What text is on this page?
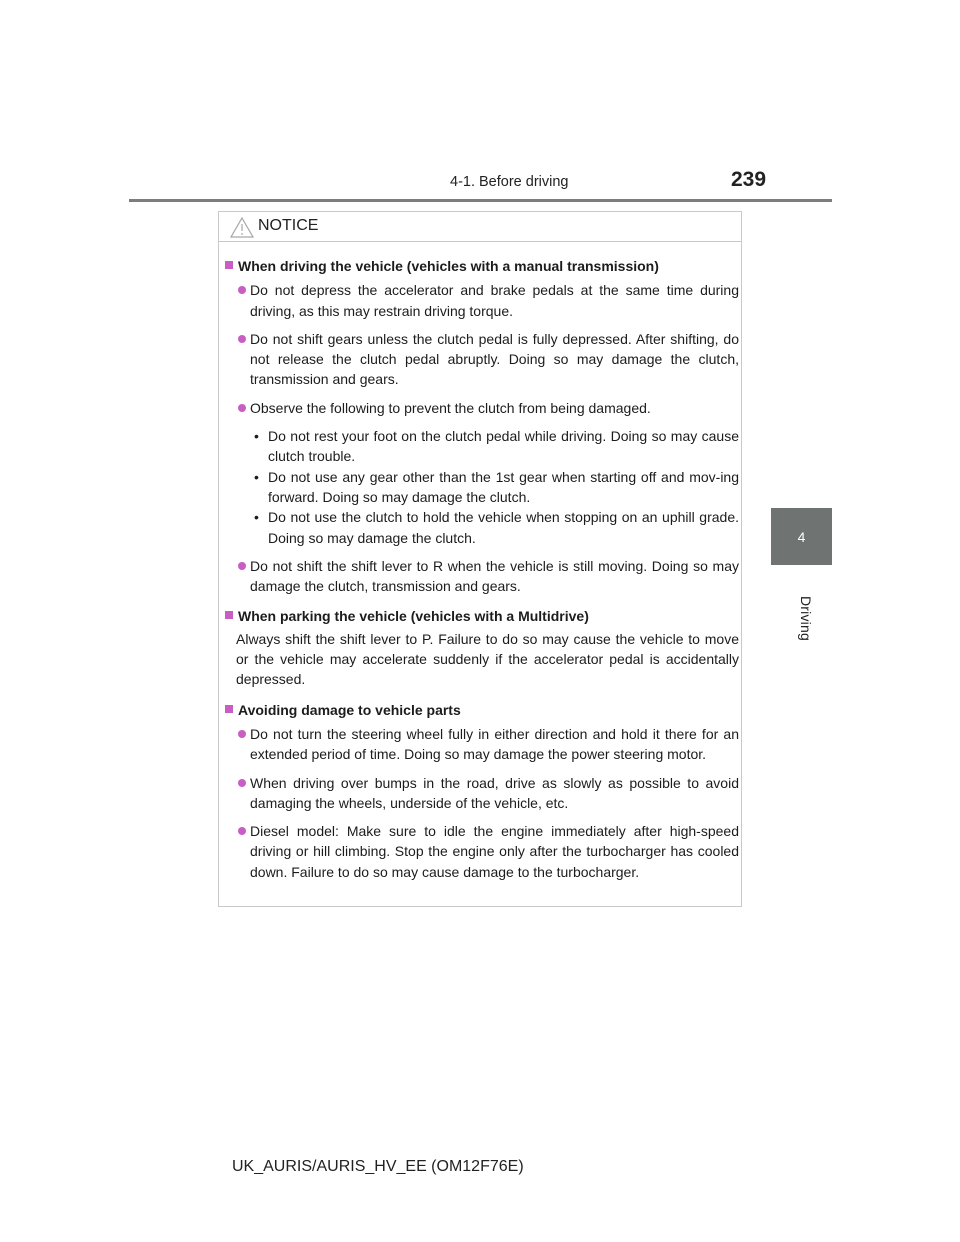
4-1. Before driving	239
4
Driving
NOTICE
When driving the vehicle (vehicles with a manual transmission)
Do not depress the accelerator and brake pedals at the same time during driving, as this may restrain driving torque.
Do not shift gears unless the clutch pedal is fully depressed. After shifting, do not release the clutch pedal abruptly. Doing so may damage the clutch, transmission and gears.
Observe the following to prevent the clutch from being damaged.
• Do not rest your foot on the clutch pedal while driving. Doing so may cause clutch trouble.
• Do not use any gear other than the 1st gear when starting off and mov-ing forward. Doing so may damage the clutch.
• Do not use the clutch to hold the vehicle when stopping on an uphill grade. Doing so may damage the clutch.
Do not shift the shift lever to R when the vehicle is still moving. Doing so may damage the clutch, transmission and gears.
When parking the vehicle (vehicles with a Multidrive)
Always shift the shift lever to P. Failure to do so may cause the vehicle to move or the vehicle may accelerate suddenly if the accelerator pedal is accidentally depressed.
Avoiding damage to vehicle parts
Do not turn the steering wheel fully in either direction and hold it there for an extended period of time. Doing so may damage the power steering motor.
When driving over bumps in the road, drive as slowly as possible to avoid damaging the wheels, underside of the vehicle, etc.
Diesel model: Make sure to idle the engine immediately after high-speed driving or hill climbing. Stop the engine only after the turbocharger has cooled down. Failure to do so may cause damage to the turbocharger.
UK_AURIS/AURIS_HV_EE (OM12F76E)
